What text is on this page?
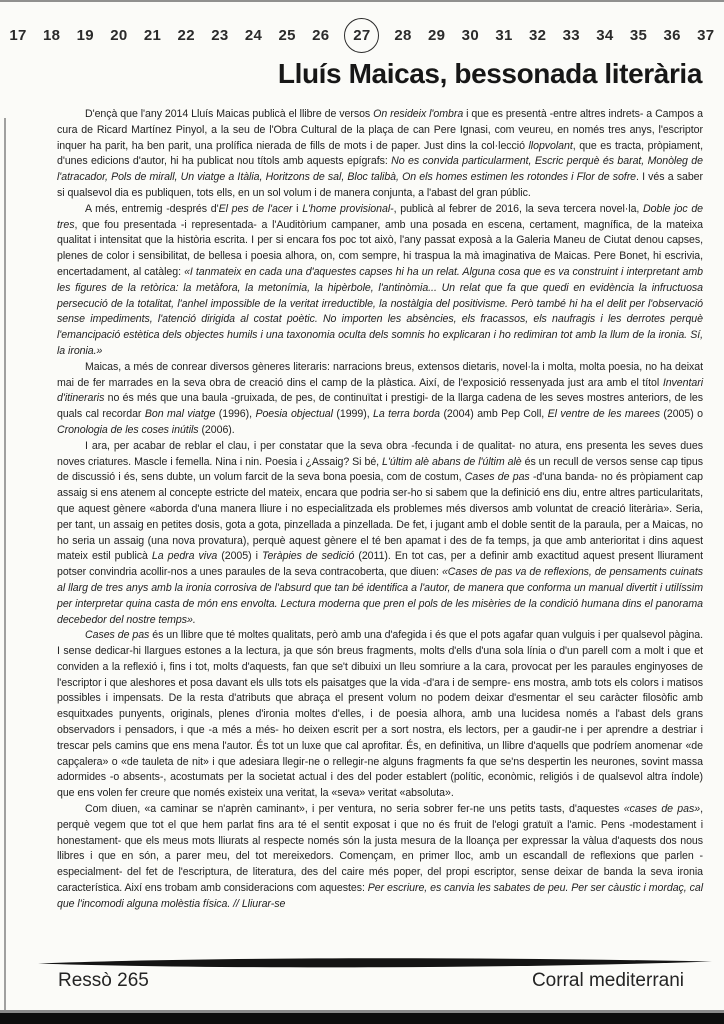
17 18 19 20 21 22 23 24 25 26	27	28 29 30 31 32 33 34 35 36 37
Lluís Maicas, bessonada literària

D'ençà que l'any 2014 Lluís Maicas publicà el llibre de versos On resideix l'ombra i que es presentà -entre altres indrets- a Campos a cura de Ricard Martínez Pinyol, a la seu de l'Obra Cultural de la plaça de can Pere Ignasi, com veureu, en només tres anys, l'escriptor inquer ha parit, ha ben parit, una prolífica nierada de fills de mots i de paper. Just dins la col·lecció llopvolant, que es tracta, pròpiament, d'unes edicions d'autor, hi ha publicat nou títols amb aquests epígrafs: No es convida particularment, Escric perquè és barat, Monòleg de l'atracador, Pols de mirall, Un viatge a Itàlia, Horitzons de sal, Bloc talibà, On els homes estimen les rotondes i Flor de sofre. I vés a saber si qualsevol dia es publiquen, tots ells, en un sol volum i de manera conjunta, a l'abast del gran públic.

A més, entremig -després d'El pes de l'acer i L'home provisional-, publicà al febrer de 2016, la seva tercera novel·la, Doble joc de tres, que fou presentada -i representada- a l'Auditòrium campaner, amb una posada en escena, certament, magnífica, de la mateixa qualitat i intensitat que la història escrita. I per si encara fos poc tot això, l'any passat exposà a la Galeria Maneu de Ciutat denou capses, plenes de color i sensibilitat, de bellesa i poesia alhora, on, com sempre, hi traspua la mà imaginativa de Maicas. Pere Bonet, hi escrivia, encertadament, al catàleg: «I tanmateix en cada una d'aquestes capses hi ha un relat. Alguna cosa que es va construint i interpretant amb les figures de la retòrica: la metàfora, la metonímia, la hipèrbole, l'antinòmia... Un relat que fa que quedi en evidència la infructuosa persecució de la totalitat, l'anhel impossible de la veritat irreductible, la nostàlgia del positivisme. Però també hi ha el delit per l'observació sense impediments, l'atenció dirigida al costat poètic. No importen les absències, els fracassos, els naufragis i les derrotes perquè l'emancipació estètica dels objectes humils i una taxonomia oculta dels somnis ho explicaran i ho redimiran tot amb la llum de la ironia. Sí, la ironia.»

Maicas, a més de conrear diversos gèneres literaris: narracions breus, extensos dietaris, novel·la i molta, molta poesia, no ha deixat mai de fer marrades en la seva obra de creació dins el camp de la plàstica. Així, de l'exposició ressenyada just ara amb el títol Inventari d'itineraris no és més que una baula -gruixada, de pes, de continuïtat i prestigi- de la llarga cadena de les seves mostres anteriors, de les quals cal recordar Bon mal viatge (1996), Poesia objectual (1999), La terra borda (2004) amb Pep Coll, El ventre de les marees (2005) o Cronologia de les coses inútils (2006).

I ara, per acabar de reblar el clau, i per constatar que la seva obra -fecunda i de qualitat- no atura, ens presenta les seves dues noves criatures. Mascle i femella. Nina i nin. Poesia i ¿Assaig? Si bé, L'últim alè abans de l'últim alè és un recull de versos sense cap tipus de discussió i és, sens dubte, un volum farcit de la seva bona poesia, com de costum, Cases de pas -d'una banda- no és pròpiament cap assaig si ens atenem al concepte estricte del mateix, encara que podria ser-ho si sabem que la definició ens diu, entre altres particularitats, que aquest gènere «aborda d'una manera lliure i no especialitzada els problemes més diversos amb voluntat de creació literària». Seria, per tant, un assaig en petites dosis, gota a gota, pinzellada a pinzellada. De fet, i jugant amb el doble sentit de la paraula, per a Maicas, no ho seria un assaig (una nova provatura), perquè aquest gènere el té ben apamat i des de fa temps, ja que amb anterioritat i dins aquest mateix estil publicà La pedra viva (2005) i Teràpies de sedició (2011). En tot cas, per a definir amb exactitud aquest present lliurament potser convindria acollir-nos a unes paraules de la seva contracoberta, que diuen: «Cases de pas va de reflexions, de pensaments cuinats al llarg de tres anys amb la ironia corrosiva de l'absurd que tan bé identifica a l'autor, de manera que conforma un manual divertit i utilíssim per interpretar quina casta de món ens envolta. Lectura moderna que pren el pols de les misèries de la condició humana dins el panorama decebedor del nostre temps».

Cases de pas és un llibre que té moltes qualitats, però amb una d'afegida i és que el pots agafar quan vulguis i per qualsevol pàgina. I sense dedicar-hi llargues estones a la lectura, ja que són breus fragments, molts d'ells d'una sola línia o d'un parell com a molt i que et conviden a la reflexió i, fins i tot, molts d'aquests, fan que se't dibuixi un lleu somriure a la cara, provocat per les paraules enginyoses de l'escriptor i que aleshores et posa davant els ulls tots els paisatges que la vida -d'ara i de sempre- ens mostra, amb tots els colors i matisos possibles i impensats. De la resta d'atributs que abraça el present volum no podem deixar d'esmentar el seu caràcter filosòfic amb esquitxades punyents, originals, plenes d'ironia moltes d'elles, i de poesia alhora, amb una lucidesa només a l'abast dels grans observadors i pensadors, i que -a més a més- ho deixen escrit per a sort nostra, els lectors, per a gaudir-ne i per aprendre a destriar i trescar pels camins que ens mena l'autor. És tot un luxe que cal aprofitar. És, en definitiva, un llibre d'aquells que podríem anomenar «de capçalera» o «de tauleta de nit» i que adesiara llegir-ne o rellegir-ne alguns fragments fa que se'ns despertin les neurones, sovint massa adormides -o absents-, acostumats per la societat actual i des del poder establert (polític, econòmic, religiós i de qualsevol altra índole) que ens volen fer creure que només existeix una veritat, la «seva» veritat «absoluta».

Com diuen, «a caminar se n'aprèn caminant», i per ventura, no seria sobrer fer-ne uns petits tasts, d'aquestes «cases de pas», perquè vegem que tot el que hem parlat fins ara té el sentit exposat i que no és fruit de l'elogi gratuït a l'amic. Pens -modestament i honestament- que els meus mots lliurats al respecte només són la justa mesura de la lloança per expressar la vàlua d'aquests dos nous llibres i que en són, a parer meu, del tot mereixedors. Començam, en primer lloc, amb un escandall de reflexions que parlen -especialment- del fet de l'escriptura, de literatura, des del caire més poper, del propi escriptor, sense deixar de banda la seva ironia característica. Així ens trobam amb consideracions com aquestes: Per escriure, es canvia les sabates de peu. Per ser càustic i mordaç, cal que l'incomodi alguna molèstia física. // Lliurar-se

Ressò 265	Corral mediterrani
